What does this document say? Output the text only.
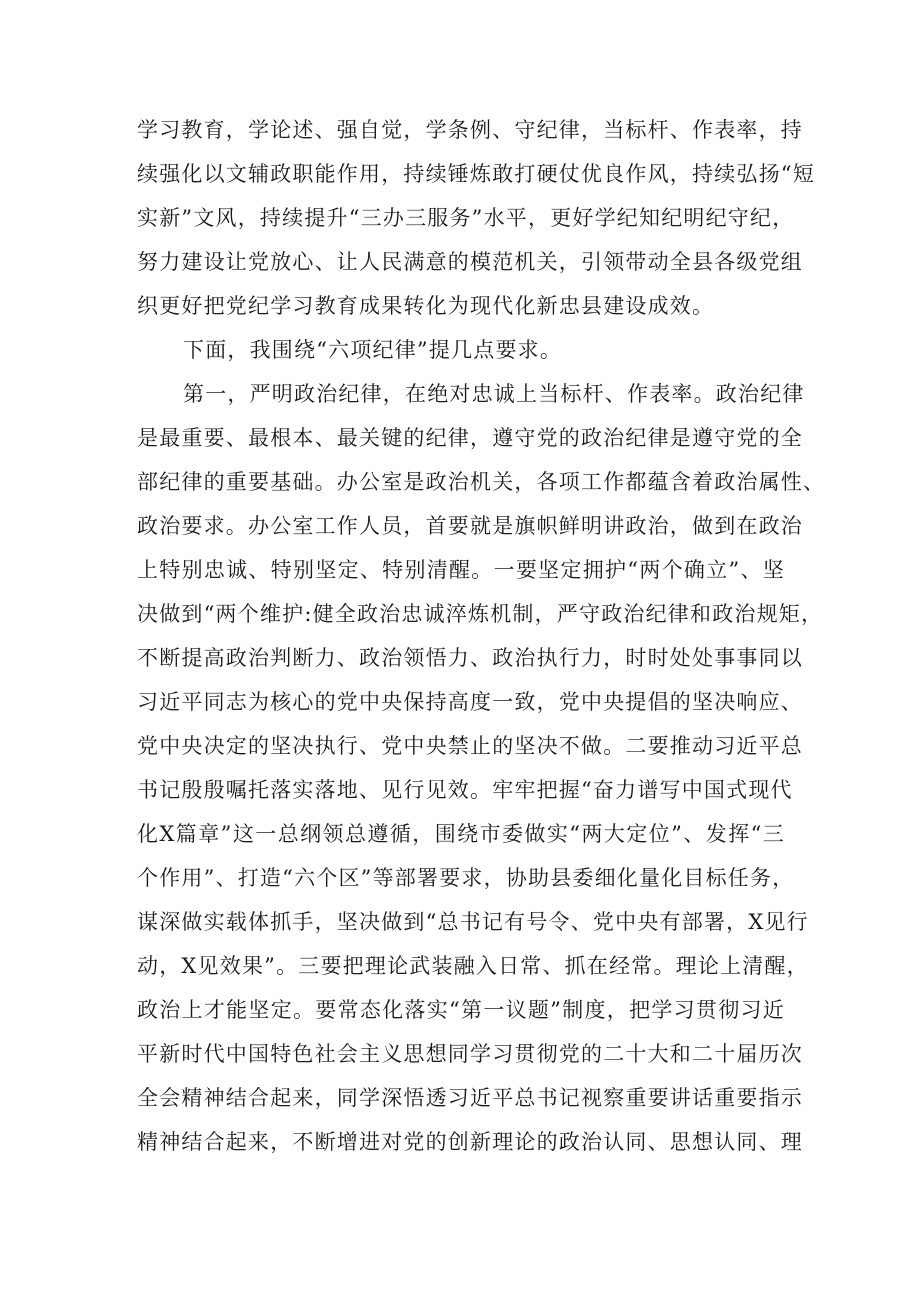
学习教育，学论述、强自觉，学条例、守纪律，当标杆、作表率，持
续强化以文辅政职能作用，持续锤炼敢打硬仗优良作风，持续弘扬“短
实新”文风，持续提升“三办三服务”水平，更好学纪知纪明纪守纪，
努力建设让党放心、让人民满意的模范机关，引领带动全县各级党组
织更好把党纪学习教育成果转化为现代化新忠县建设成效。
下面，我围绕“六项纪律”提几点要求。
第一，严明政治纪律，在绝对忠诚上当标杆、作表率。政治纪律
是最重要、最根本、最关键的纪律，遵守党的政治纪律是遵守党的全
部纪律的重要基础。办公室是政治机关，各项工作都蕴含着政治属性、
政治要求。办公室工作人员，首要就是旗帜鲜明讲政治，做到在政治
上特别忠诚、特别坚定、特别清醒。一要坚定拥护“两个确立”、坚
决做到“两个维护:健全政治忠诚淬炼机制，严守政治纪律和政治规矩，
不断提高政治判断力、政治领悟力、政治执行力，时时处处事事同以
习近平同志为核心的党中央保持高度一致，党中央提倡的坚决响应、
党中央决定的坚决执行、党中央禁止的坚决不做。二要推动习近平总
书记殷殷嘱托落实落地、见行见效。牢牢把握“奋力谱写中国式现代
化X篇章”这一总纲领总遵循，围绕市委做实“两大定位”、发挥“三
个作用”、打造“六个区”等部署要求，协助县委细化量化目标任务，
谋深做实载体抓手，坚决做到“总书记有号令、党中央有部署，X见行
动，X见效果”。三要把理论武装融入日常、抓在经常。理论上清醒，
政治上才能坚定。要常态化落实“第一议题”制度，把学习贯彻习近
平新时代中国特色社会主义思想同学习贯彻党的二十大和二十届历次
全会精神结合起来，同学深悟透习近平总书记视察重要讲话重要指示
精神结合起来，不断增进对党的创新理论的政治认同、思想认同、理
